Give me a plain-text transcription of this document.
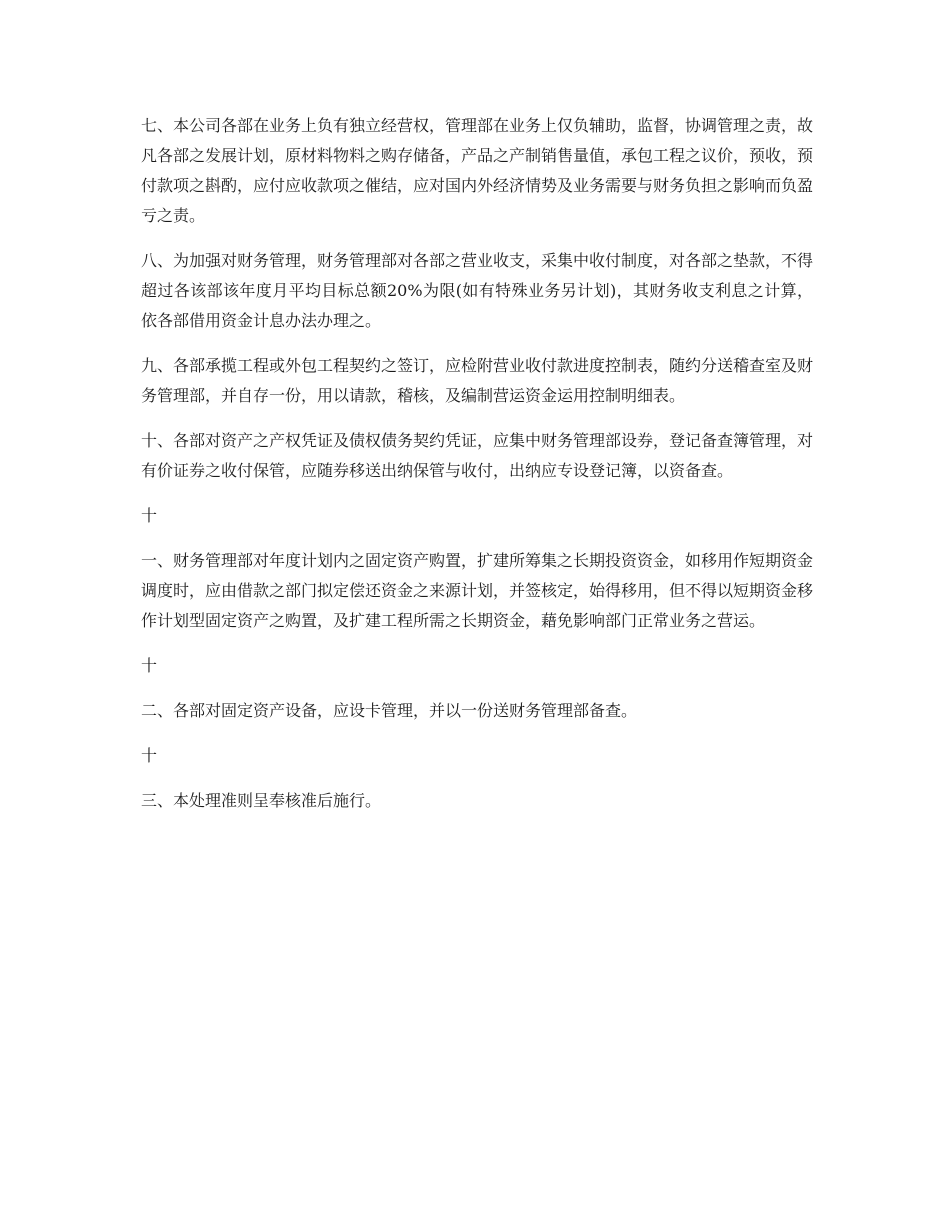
七、本公司各部在业务上负有独立经营权，管理部在业务上仅负辅助，监督，协调管理之责，故凡各部之发展计划，原材料物料之购存储备，产品之产制销售量值，承包工程之议价，预收，预付款项之斟酌，应付应收款项之催结，应对国内外经济情势及业务需要与财务负担之影响而负盈亏之责。

八、为加强对财务管理，财务管理部对各部之营业收支，采集中收付制度，对各部之垫款，不得超过各该部该年度月平均目标总额20%为限(如有特殊业务另计划)，其财务收支利息之计算，依各部借用资金计息办法办理之。

九、各部承揽工程或外包工程契约之签订，应检附营业收付款进度控制表，随约分送稽查室及财务管理部，并自存一份，用以请款，稽核，及编制营运资金运用控制明细表。

十、各部对资产之产权凭证及债权债务契约凭证，应集中财务管理部设券，登记备查簿管理，对有价证券之收付保管，应随券移送出纳保管与收付，出纳应专设登记簿，以资备查。

十

一、财务管理部对年度计划内之固定资产购置，扩建所筹集之长期投资资金，如移用作短期资金调度时，应由借款之部门拟定偿还资金之来源计划，并签核定，始得移用，但不得以短期资金移作计划型固定资产之购置，及扩建工程所需之长期资金，藉免影响部门正常业务之营运。

十

二、各部对固定资产设备，应设卡管理，并以一份送财务管理部备查。

十

三、本处理准则呈奉核准后施行。
